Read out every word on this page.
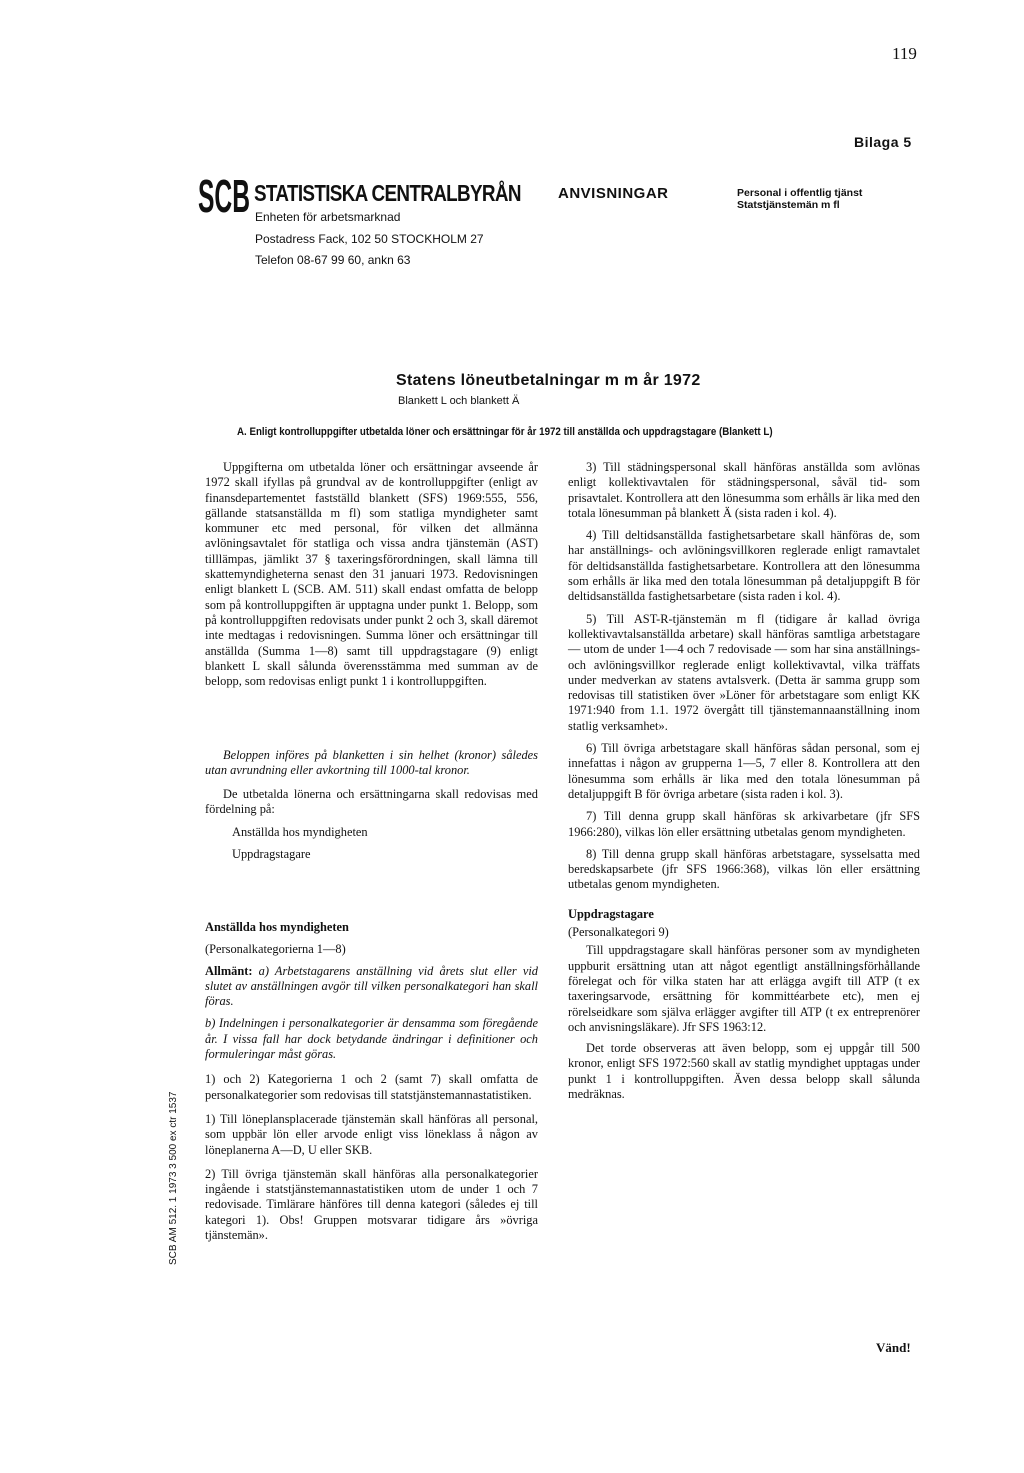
119
Bilaga 5
SCB STATISTISKA CENTRALBYRÅN
Enheten för arbetsmarknad
Postadress Fack, 102 50 STOCKHOLM 27
Telefon 08-67 99 60, ankn 63
ANVISNINGAR	Personal i offentlig tjänst
Statstjänstemän m fl
Statens löneutbetalningar m m år 1972
Blankett L och blankett Ä
A. Enligt kontrolluppgifter utbetalda löner och ersättningar för år 1972 till anställda och uppdragstagare (Blankett L)

Uppgifterna om utbetalda löner och ersättningar avseende år 1972 skall ifyllas på grundval av de kontrolluppgifter (enligt av finansdepartementet fastställd blankett (SFS) 1969:555, 556, gällande statsanställda m fl) som statliga myndigheter samt kommuner etc med personal, för vilken det allmänna avlöningsavtalet för statliga och vissa andra tjänstemän (AST) tilllämpas, jämlikt 37 § taxeringsförordningen, skall lämna till skattemyndigheterna senast den 31 januari 1973. Redovisningen enligt blankett L (SCB. AM. 511) skall endast omfatta de belopp som på kontrolluppgiften är upptagna under punkt 1. Belopp, som på kontrolluppgiften redovisats under punkt 2 och 3, skall däremot inte medtagas i redovisningen. Summa löner och ersättningar till anställda (Summa 1—8) samt till uppdragstagare (9) enligt blankett L skall sålunda överensstämma med summan av de belopp, som redovisas enligt punkt 1 i kontrolluppgiften.

Beloppen införes på blanketten i sin helhet (kronor) således utan avrundning eller avkortning till 1000-tal kronor.

De utbetalda lönerna och ersättningarna skall redovisas med fördelning på:

Anställda hos myndigheten

Uppdragstagare

Anställda hos myndigheten

(Personalkategorierna 1—8)

Allmänt: a) Arbetstagarens anställning vid årets slut eller vid slutet av anställningen avgör till vilken personalkategori han skall föras.

b) Indelningen i personalkategorier är densamma som föregående år. I vissa fall har dock betydande ändringar i definitioner och formuleringar måst göras.

1) och 2) Kategorierna 1 och 2 (samt 7) skall omfatta de personalkategorier som redovisas till statstjänstemannastatistiken.

1) Till löneplansplacerade tjänstemän skall hänföras all personal, som uppbär lön eller arvode enligt viss löneklass å någon av löneplanerna A—D, U eller SKB.

2) Till övriga tjänstemän skall hänföras alla personalkategorier ingående i statstjänstemannastatistiken utom de under 1 och 7 redovisade. Timlärare hänföres till denna kategori (således ej till kategori 1). Obs! Gruppen motsvarar tidigare års »övriga tjänstemän».

3) Till städningspersonal skall hänföras anställda som avlönas enligt kollektivavtalen för städningspersonal, såväl tid- som prisavtalet. Kontrollera att den lönesumma som erhålls är lika med den totala lönesumman på blankett Ä (sista raden i kol. 4).

4) Till deltidsanställda fastighetsarbetare skall hänföras de, som har anställnings- och avlöningsvillkoren reglerade enligt ramavtalet för deltidsanställda fastighetsarbetare. Kontrollera att den lönesumma som erhålls är lika med den totala lönesumman på detaljuppgift B för deltidsanställda fastighetsarbetare (sista raden i kol. 4).

5) Till AST-R-tjänstemän m fl (tidigare år kallad övriga kollektivavtalsanställda arbetare) skall hänföras samtliga arbetstagare — utom de under 1—4 och 7 redovisade — som har sina anställnings- och avlöningsvillkor reglerade enligt kollektivavtal, vilka träffats under medverkan av statens avtalsverk. (Detta är samma grupp som redovisas till statistiken över »Löner för arbetstagare som enligt KK 1971:940 from 1.1. 1972 övergått till tjänstemannaanställning inom statlig verksamhet».

6) Till övriga arbetstagare skall hänföras sådan personal, som ej innefattas i någon av grupperna 1—5, 7 eller 8. Kontrollera att den lönesumma som erhålls är lika med den totala lönesumman på detaljuppgift B för övriga arbetare (sista raden i kol. 3).

7) Till denna grupp skall hänföras sk arkivarbetare (jfr SFS 1966:280), vilkas lön eller ersättning utbetalas genom myndigheten.

8) Till denna grupp skall hänföras arbetstagare, sysselsatta med beredskapsarbete (jfr SFS 1966:368), vilkas lön eller ersättning utbetalas genom myndigheten.

Uppdragstagare

(Personalkategori 9)

Till uppdragstagare skall hänföras personer som av myndigheten uppburit ersättning utan att något egentligt anställningsförhållande förelegat och för vilka staten har att erlägga avgift till ATP (t ex taxeringsarvode, ersättning för kommittéarbete etc), men ej rörelseidkare som själva erlägger avgifter till ATP (t ex entreprenörer och anvisningsläkare). Jfr SFS 1963:12.

Det torde observeras att även belopp, som ej uppgår till 500 kronor, enligt SFS 1972:560 skall av statlig myndighet upptagas under punkt 1 i kontrolluppgiften. Även dessa belopp skall sålunda medräknas.

SCB AM 512. 1 1973 3 500 ex ctr 1537
Vänd!
